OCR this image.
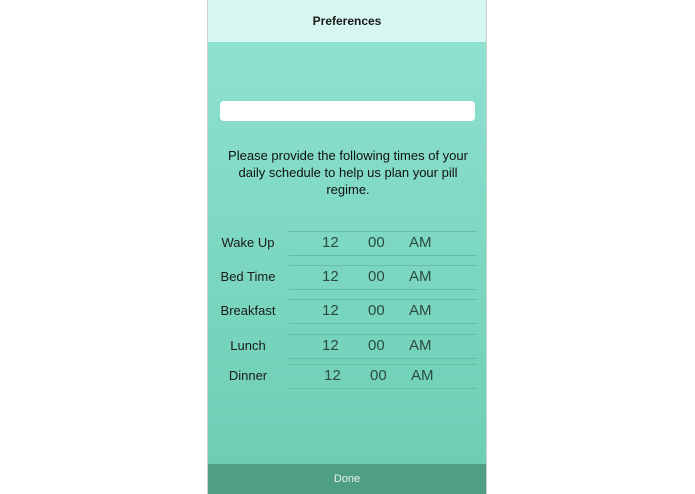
Preferences
Please provide the following times of your daily schedule to help us plan your pill regime.
Wake Up	12 00 AM
Bed Time	12 00 AM
Breakfast	12 00 AM
Lunch	12 00 AM
Dinner	12 00 AM
Done
